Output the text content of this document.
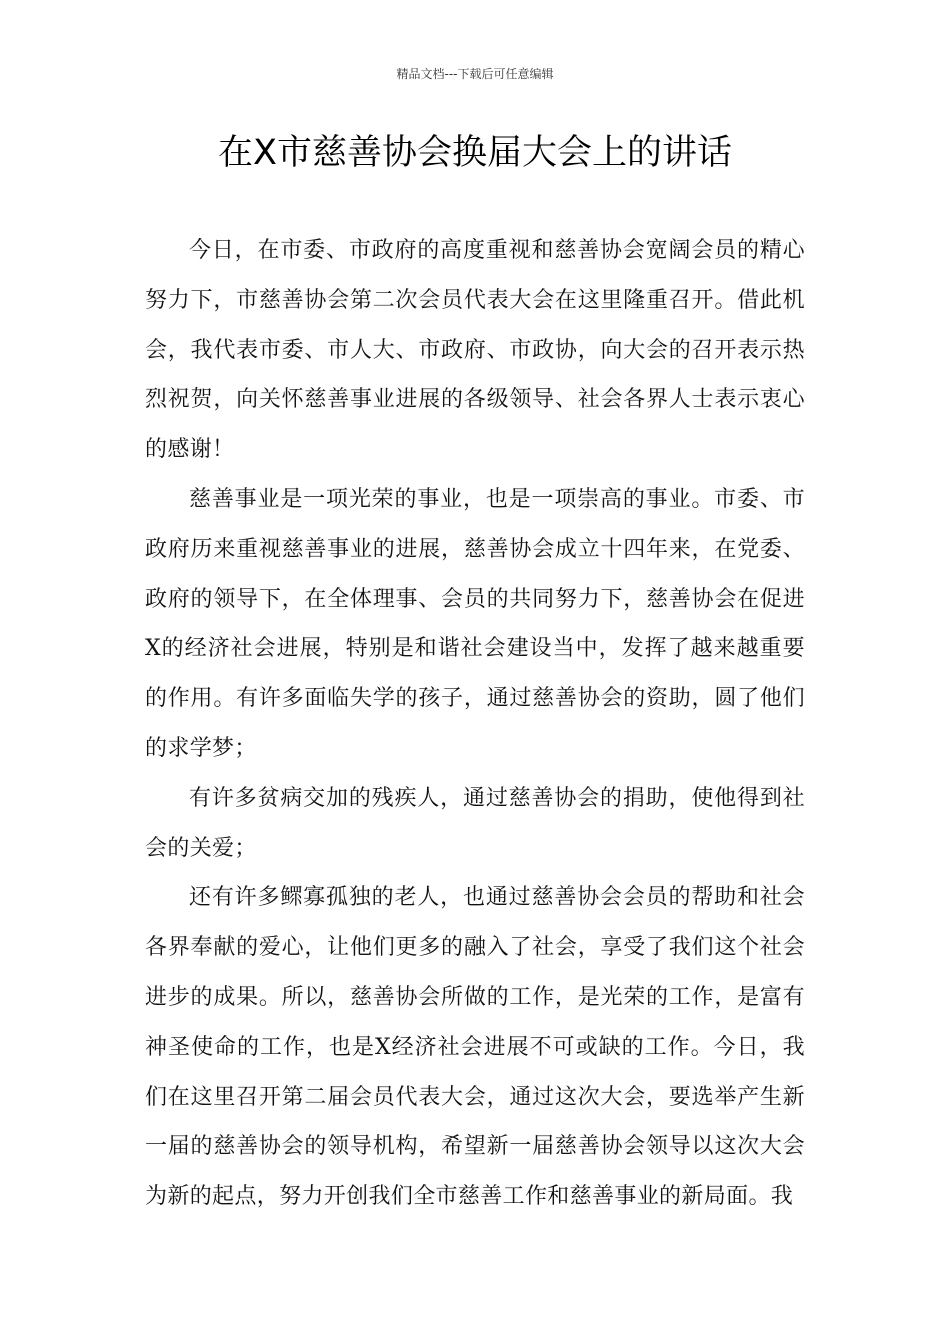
精品文档---下载后可任意编辑
在X市慈善协会换届大会上的讲话

今日，在市委、市政府的高度重视和慈善协会宽阔会员的精心努力下，市慈善协会第二次会员代表大会在这里隆重召开。借此机会，我代表市委、市人大、市政府、市政协，向大会的召开表示热烈祝贺，向关怀慈善事业进展的各级领导、社会各界人士表示衷心的感谢！

慈善事业是一项光荣的事业，也是一项崇高的事业。市委、市政府历来重视慈善事业的进展，慈善协会成立十四年来，在党委、政府的领导下，在全体理事、会员的共同努力下，慈善协会在促进X的经济社会进展，特别是和谐社会建设当中，发挥了越来越重要的作用。有许多面临失学的孩子，通过慈善协会的资助，圆了他们的求学梦；

有许多贫病交加的残疾人，通过慈善协会的捐助，使他得到社会的关爱；

还有许多鳏寡孤独的老人，也通过慈善协会会员的帮助和社会各界奉献的爱心，让他们更多的融入了社会，享受了我们这个社会进步的成果。所以，慈善协会所做的工作，是光荣的工作，是富有神圣使命的工作，也是X经济社会进展不可或缺的工作。今日，我们在这里召开第二届会员代表大会，通过这次大会，要选举产生新一届的慈善协会的领导机构，希望新一届慈善协会领导以这次大会为新的起点，努力开创我们全市慈善工作和慈善事业的新局面。我
